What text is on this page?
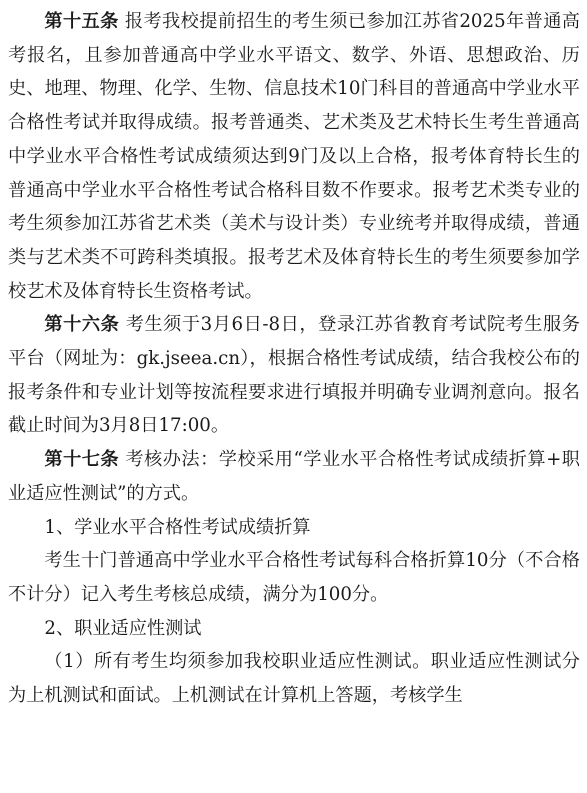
第十五条 报考我校提前招生的考生须已参加江苏省2025年普通高考报名，且参加普通高中学业水平语文、数学、外语、思想政治、历史、地理、物理、化学、生物、信息技术10门科目的普通高中学业水平合格性考试并取得成绩。报考普通类、艺术类及艺术特长生考生普通高中学业水平合格性考试成绩须达到9门及以上合格，报考体育特长生的普通高中学业水平合格性考试合格科目数不作要求。报考艺术类专业的考生须参加江苏省艺术类（美术与设计类）专业统考并取得成绩，普通类与艺术类不可跨科类填报。报考艺术及体育特长生的考生须要参加学校艺术及体育特长生资格考试。

第十六条 考生须于3月6日-8日，登录江苏省教育考试院考生服务平台（网址为：gk.jseea.cn），根据合格性考试成绩，结合我校公布的报考条件和专业计划等按流程要求进行填报并明确专业调剂意向。报名截止时间为3月8日17:00。

第十七条 考核办法：学校采用“学业水平合格性考试成绩折算+职业适应性测试”的方式。

1、学业水平合格性考试成绩折算

考生十门普通高中学业水平合格性考试每科合格折算10分（不合格不计分）记入考生考核总成绩，满分为100分。

2、职业适应性测试

（1）所有考生均须参加我校职业适应性测试。职业适应性测试分为上机测试和面试。上机测试在计算机上答题，考核学生
